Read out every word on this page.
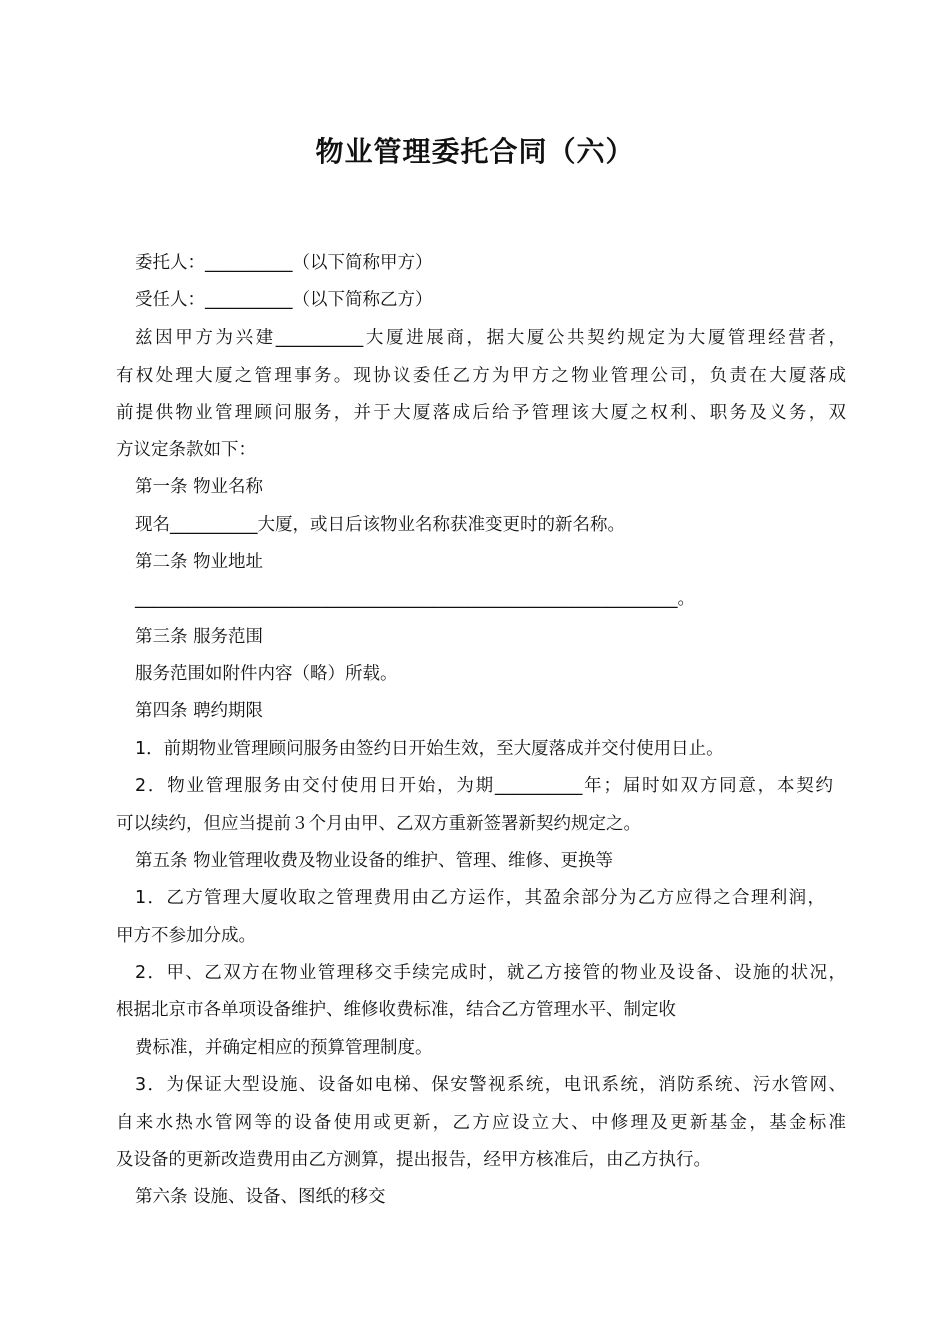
物业管理委托合同（六）

委托人：__________（以下简称甲方）

受任人：__________（以下简称乙方）

兹因甲方为兴建__________大厦进展商，据大厦公共契约规定为大厦管理经营者，

有权处理大厦之管理事务。现协议委任乙方为甲方之物业管理公司，负责在大厦落成

前提供物业管理顾问服务，并于大厦落成后给予管理该大厦之权利、职务及义务，双

方议定条款如下：

第一条 物业名称

现名__________大厦，或日后该物业名称获准变更时的新名称。

第二条 物业地址

______________________________________________________________。

第三条 服务范围

服务范围如附件内容（略）所载。

第四条 聘约期限

1．前期物业管理顾问服务由签约日开始生效，至大厦落成并交付使用日止。

2．物业管理服务由交付使用日开始，为期__________年；届时如双方同意，本契约

可以续约，但应当提前３个月由甲、乙双方重新签署新契约规定之。

第五条 物业管理收费及物业设备的维护、管理、维修、更换等

1．乙方管理大厦收取之管理费用由乙方运作，其盈余部分为乙方应得之合理利润，

甲方不参加分成。

2．甲、乙双方在物业管理移交手续完成时，就乙方接管的物业及设备、设施的状况，

根据北京市各单项设备维护、维修收费标准，结合乙方管理水平、制定收

费标准，并确定相应的预算管理制度。

3．为保证大型设施、设备如电梯、保安警视系统，电讯系统，消防系统、污水管网、

自来水热水管网等的设备使用或更新，乙方应设立大、中修理及更新基金，基金标准

及设备的更新改造费用由乙方测算，提出报告，经甲方核准后，由乙方执行。

第六条 设施、设备、图纸的移交
